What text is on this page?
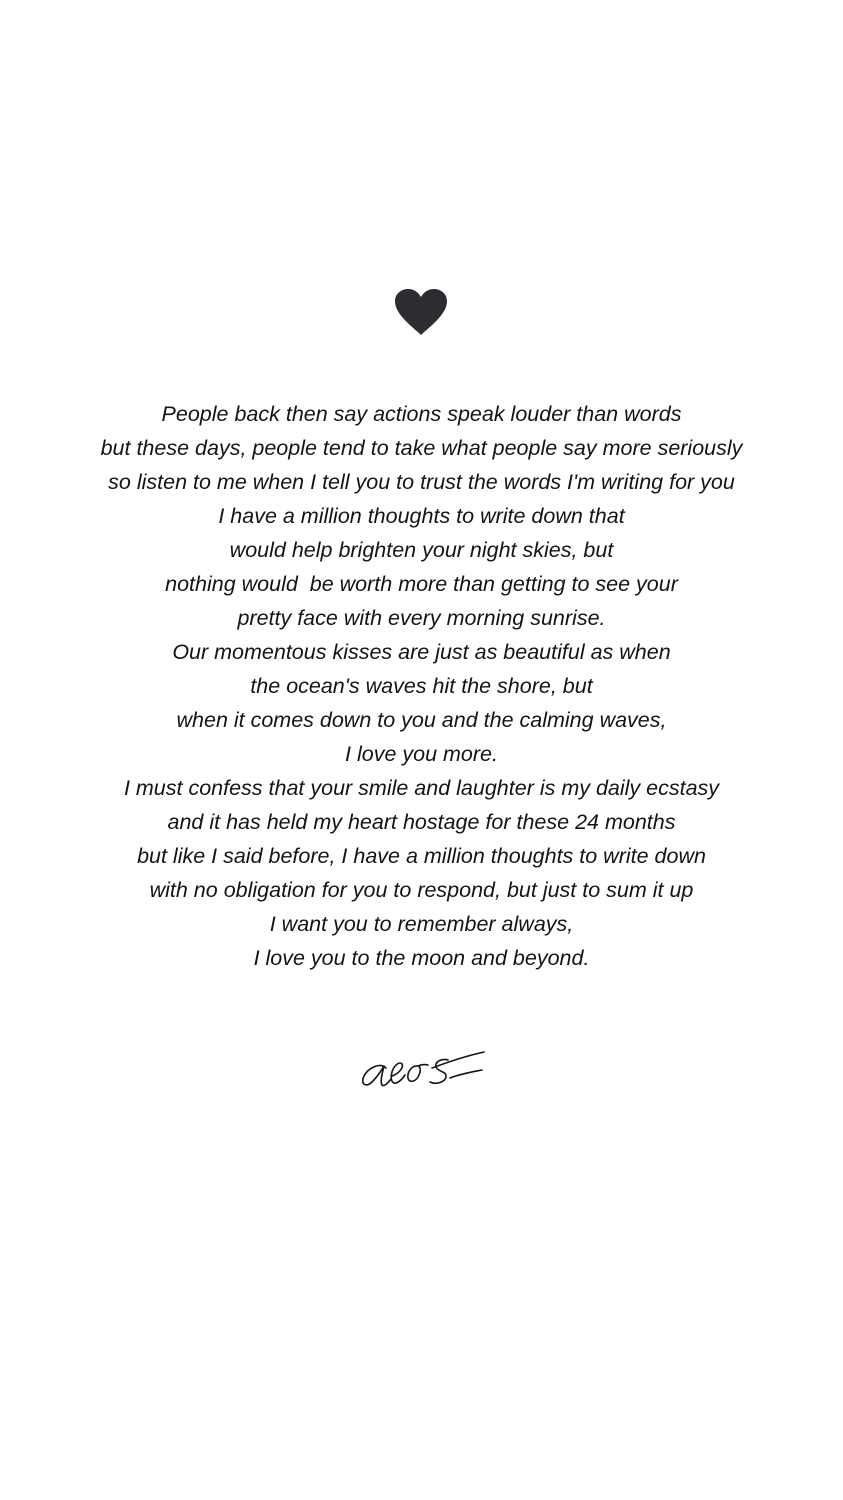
People back then say actions speak louder than words
but these days, people tend to take what people say more seriously
so listen to me when I tell you to trust the words I'm writing for you
I have a million thoughts to write down that
would help brighten your night skies, but
nothing would  be worth more than getting to see your
pretty face with every morning sunrise.
Our momentous kisses are just as beautiful as when
the ocean's waves hit the shore, but
when it comes down to you and the calming waves,
I love you more.
I must confess that your smile and laughter is my daily ecstasy
and it has held my heart hostage for these 24 months
but like I said before, I have a million thoughts to write down
with no obligation for you to respond, but just to sum it up
I want you to remember always,
I love you to the moon and beyond.
